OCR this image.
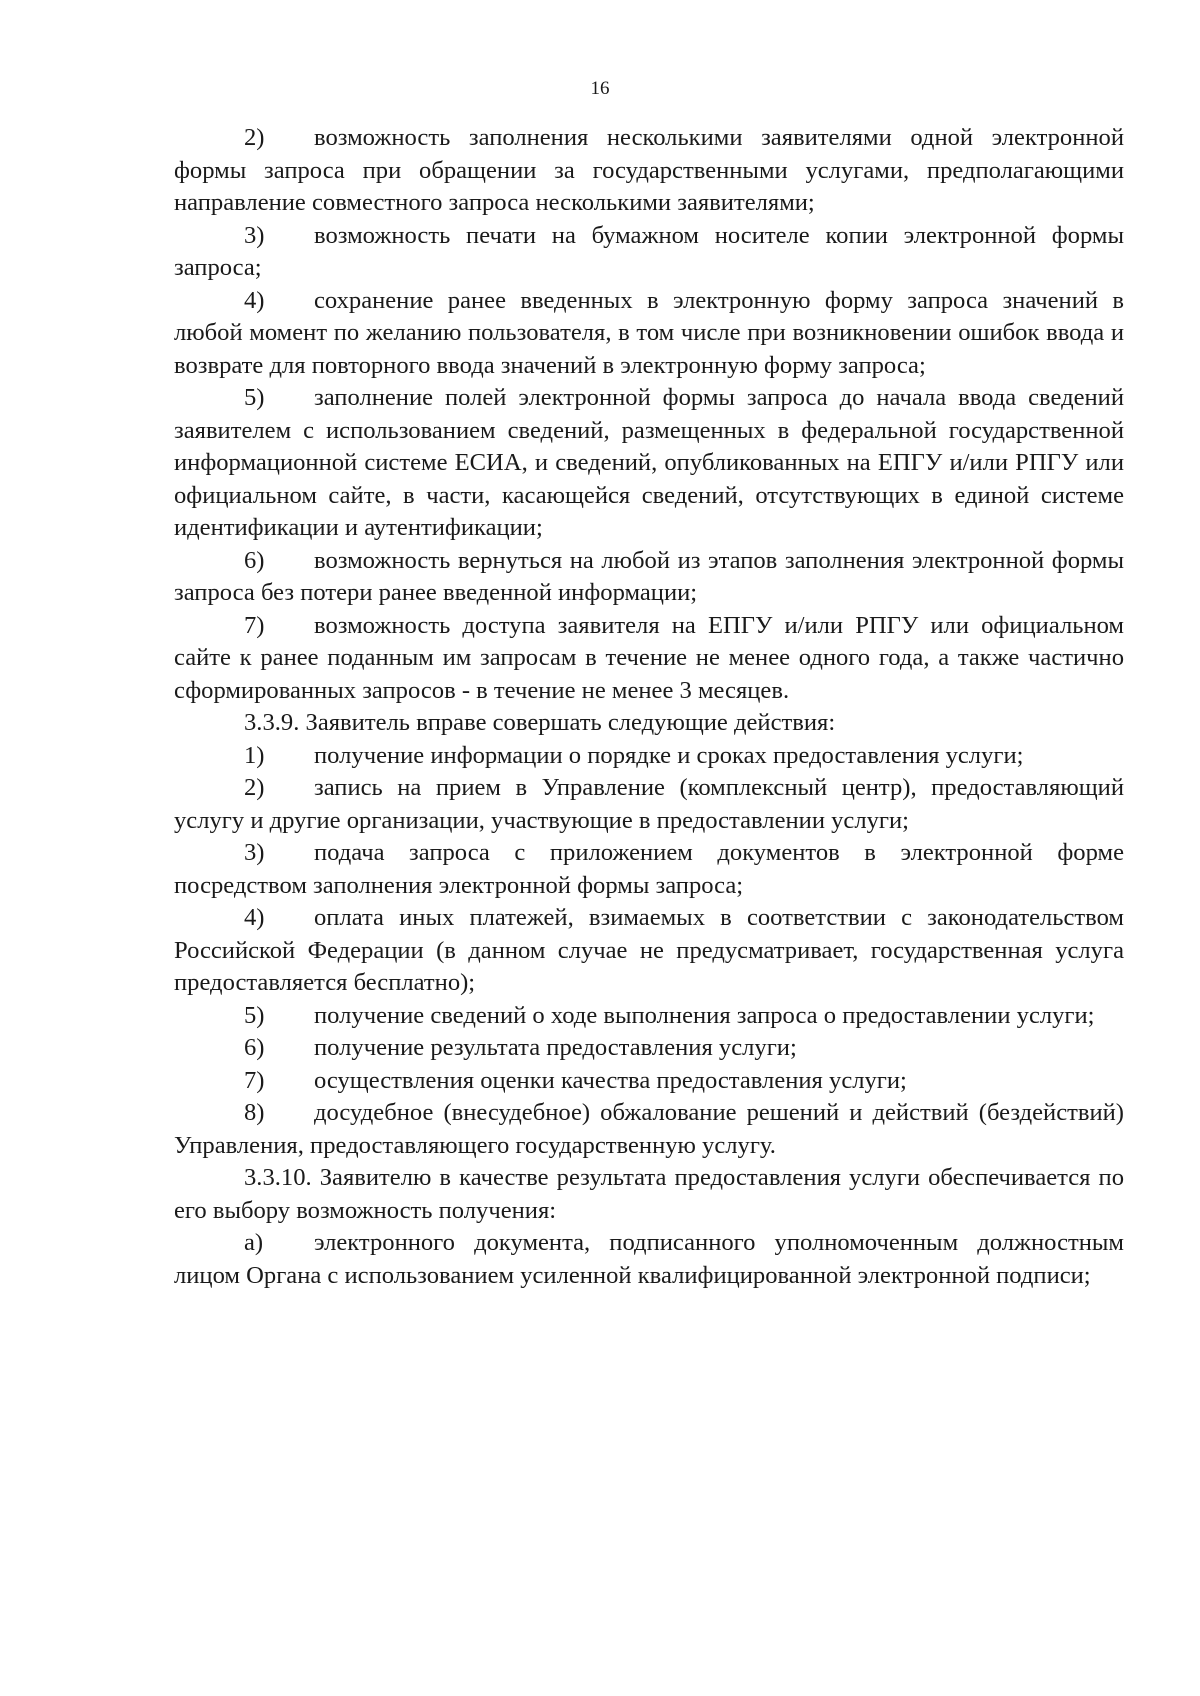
16

2) возможность заполнения несколькими заявителями одной электронной формы запроса при обращении за государственными услугами, предполагающими направление совместного запроса несколькими заявителями;

3) возможность печати на бумажном носителе копии электронной формы запроса;

4) сохранение ранее введенных в электронную форму запроса значений в любой момент по желанию пользователя, в том числе при возникновении ошибок ввода и возврате для повторного ввода значений в электронную форму запроса;

5) заполнение полей электронной формы запроса до начала ввода сведений заявителем с использованием сведений, размещенных в федеральной государственной информационной системе ЕСИА, и сведений, опубликованных на ЕПГУ и/или РПГУ или официальном сайте, в части, касающейся сведений, отсутствующих в единой системе идентификации и аутентификации;

6) возможность вернуться на любой из этапов заполнения электронной формы запроса без потери ранее введенной информации;

7) возможность доступа заявителя на ЕПГУ и/или РПГУ или официальном сайте к ранее поданным им запросам в течение не менее одного года, а также частично сформированных запросов - в течение не менее 3 месяцев.

3.3.9. Заявитель вправе совершать следующие действия:

1) получение информации о порядке и сроках предоставления услуги;

2) запись на прием в Управление (комплексный центр), предоставляющий услугу и другие организации, участвующие в предоставлении услуги;

3) подача запроса с приложением документов в электронной форме посредством заполнения электронной формы запроса;

4) оплата иных платежей, взимаемых в соответствии с законодательством Российской Федерации (в данном случае не предусматривает, государственная услуга предоставляется бесплатно);

5) получение сведений о ходе выполнения запроса о предоставлении услуги;

6) получение результата предоставления услуги;

7) осуществления оценки качества предоставления услуги;

8) досудебное (внесудебное) обжалование решений и действий (бездействий) Управления, предоставляющего государственную услугу.

3.3.10. Заявителю в качестве результата предоставления услуги обеспечивается по его выбору возможность получения:

а) электронного документа, подписанного уполномоченным должностным лицом Органа с использованием усиленной квалифицированной электронной подписи;
